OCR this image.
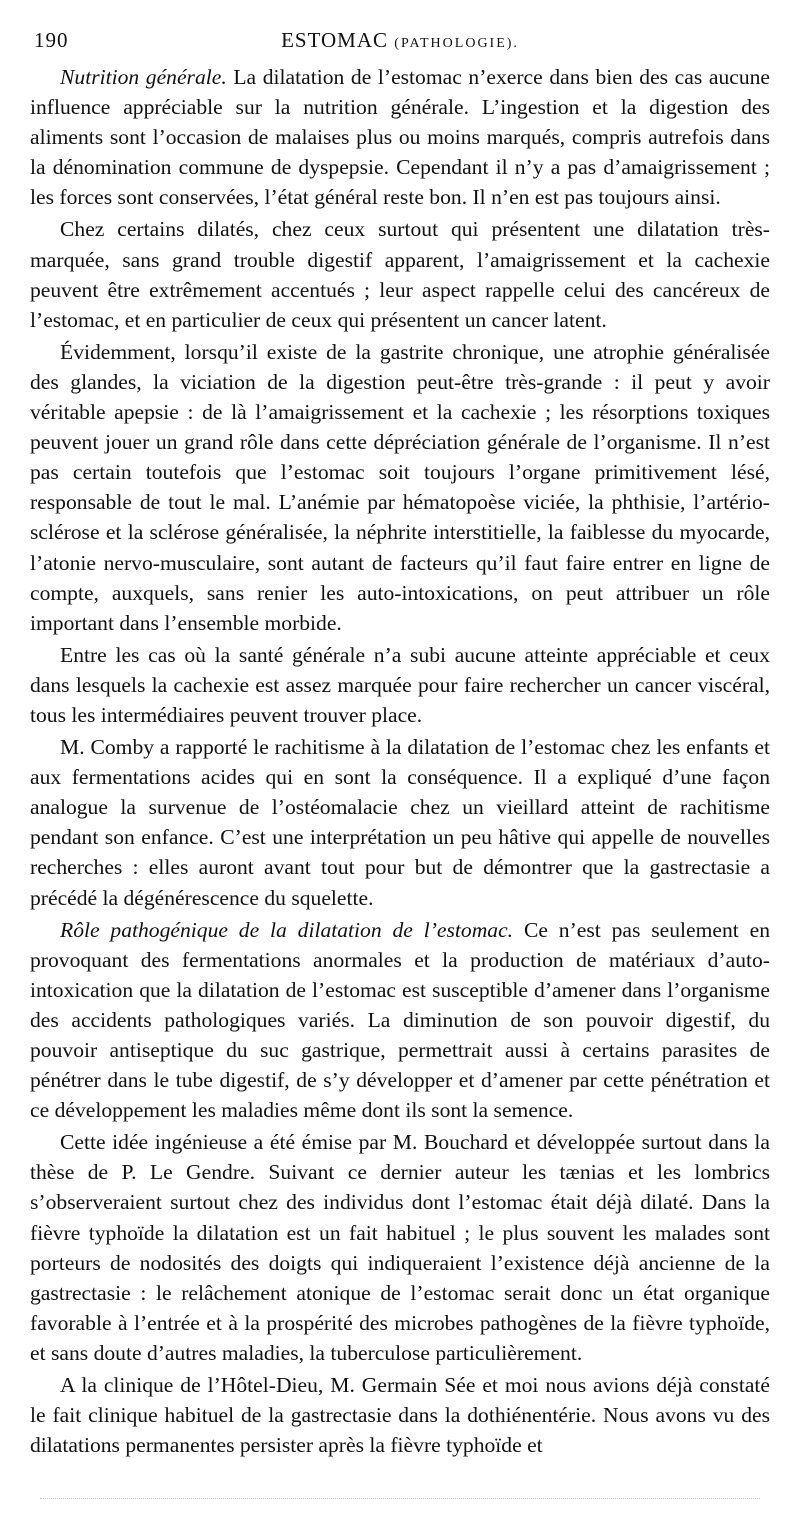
190	ESTOMAC (PATHOLOGIE).

Nutrition générale. La dilatation de l’estomac n’exerce dans bien des cas aucune influence appréciable sur la nutrition générale. L’ingestion et la digestion des aliments sont l’occasion de malaises plus ou moins marqués, compris autrefois dans la dénomination commune de dyspepsie. Cependant il n’y a pas d’amaigrissement ; les forces sont conservées, l’état général reste bon. Il n’en est pas toujours ainsi.

Chez certains dilatés, chez ceux surtout qui présentent une dilatation très-marquée, sans grand trouble digestif apparent, l’amaigrissement et la cachexie peuvent être extrêmement accentués ; leur aspect rappelle celui des cancéreux de l’estomac, et en particulier de ceux qui présentent un cancer latent.

Évidemment, lorsqu’il existe de la gastrite chronique, une atrophie généralisée des glandes, la viciation de la digestion peut-être très-grande : il peut y avoir véritable apepsie : de là l’amaigrissement et la cachexie ; les résorptions toxiques peuvent jouer un grand rôle dans cette dépréciation générale de l’organisme. Il n’est pas certain toutefois que l’estomac soit toujours l’organe primitivement lésé, responsable de tout le mal. L’anémie par hématopoèse viciée, la phthisie, l’artério-sclérose et la sclérose généralisée, la néphrite interstitielle, la faiblesse du myocarde, l’atonie nervo-musculaire, sont autant de facteurs qu’il faut faire entrer en ligne de compte, auxquels, sans renier les auto-intoxications, on peut attribuer un rôle important dans l’ensemble morbide.

Entre les cas où la santé générale n’a subi aucune atteinte appréciable et ceux dans lesquels la cachexie est assez marquée pour faire rechercher un cancer viscéral, tous les intermédiaires peuvent trouver place.

M. Comby a rapporté le rachitisme à la dilatation de l’estomac chez les enfants et aux fermentations acides qui en sont la conséquence. Il a expliqué d’une façon analogue la survenue de l’ostéomalacie chez un vieillard atteint de rachitisme pendant son enfance. C’est une interprétation un peu hâtive qui appelle de nouvelles recherches : elles auront avant tout pour but de démontrer que la gastrectasie a précédé la dégénérescence du squelette.

Rôle pathogénique de la dilatation de l’estomac. Ce n’est pas seulement en provoquant des fermentations anormales et la production de matériaux d’auto-intoxication que la dilatation de l’estomac est susceptible d’amener dans l’organisme des accidents pathologiques variés. La diminution de son pouvoir digestif, du pouvoir antiseptique du suc gastrique, permettrait aussi à certains parasites de pénétrer dans le tube digestif, de s’y développer et d’amener par cette pénétration et ce développement les maladies même dont ils sont la semence.

Cette idée ingénieuse a été émise par M. Bouchard et développée surtout dans la thèse de P. Le Gendre. Suivant ce dernier auteur les tænias et les lombrics s’observeraient surtout chez des individus dont l’estomac était déjà dilaté. Dans la fièvre typhoïde la dilatation est un fait habituel ; le plus souvent les malades sont porteurs de nodosités des doigts qui indiqueraient l’existence déjà ancienne de la gastrectasie : le relâchement atonique de l’estomac serait donc un état organique favorable à l’entrée et à la prospérité des microbes pathogènes de la fièvre typhoïde, et sans doute d’autres maladies, la tuberculose particulièrement.

A la clinique de l’Hôtel-Dieu, M. Germain Sée et moi nous avions déjà constaté le fait clinique habituel de la gastrectasie dans la dothiénentérie. Nous avons vu des dilatations permanentes persister après la fièvre typhoïde et
